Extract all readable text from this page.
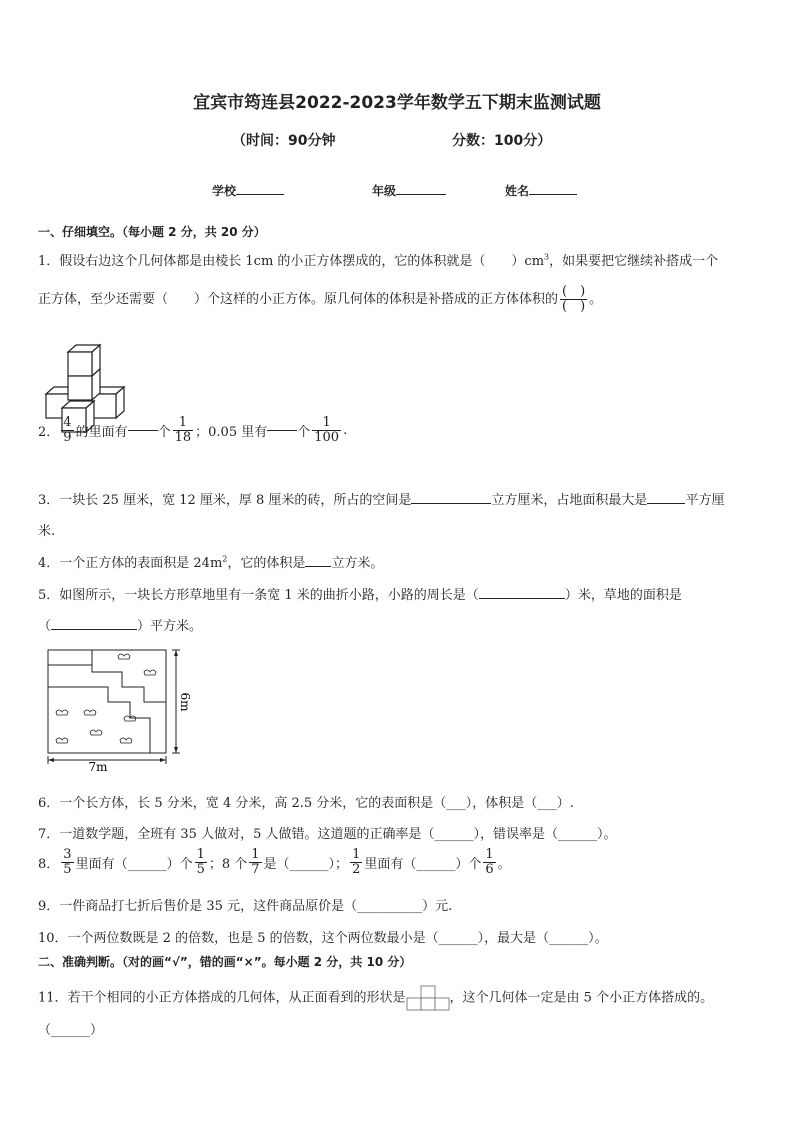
宜宾市筠连县2022-2023学年数学五下期末监测试题
（时间：90分钟	分数：100分）
学校	年级	姓名
一、仔细填空。（每小题 2 分，共 20 分）
1．假设右边这个几何体都是由棱长 1cm 的小正方体摆成的，它的体积就是（　　）$cm^3$，如果要把它继续补搭成一个
正方体，至少还需要（　　）个这样的小正方体。原几何体的体积是补搭成的正方体体积的 $\frac{( )}{( )}$ 。
2． $\frac{4}{9}$ 的里面有 个 $\frac{1}{18}$ ；0.05 里有 个 $\frac{1}{100}$ .
3．一块长 25 厘米，宽 12 厘米，厚 8 厘米的砖，所占的空间是	立方厘米，占地面积最大是	平方厘
米.
4．一个正方体的表面积是 $24m^2$，它的体积是 立方米。
5．如图所示，一块长方形草地里有一条宽 1 米的曲折小路，小路的周长是（	）米，草地的面积是
（	）平方米。
7m
6m
6．一个长方体，长 5 分米，宽 4 分米，高 2.5 分米，它的表面积是（___），体积是（___）.
7．一道数学题，全班有 35 人做对，5 人做错。这道题的正确率是（______），错误率是（______）。
8． $\frac{3}{5}$ 里面有（______）个 $\frac{1}{5}$ ；8 个 $\frac{1}{7}$ 是（______）； $\frac{1}{2}$ 里面有（______）个 $\frac{1}{6}$ 。
9．一件商品打七折后售价是 35 元，这件商品原价是（__________）元.
10．一个两位数既是 2 的倍数，也是 5 的倍数，这个两位数最小是（______），最大是（______）。
二、准确判断。（对的画“√”，错的画“×”。每小题 2 分，共 10 分）
11．若干个相同的小正方体搭成的几何体，从正面看到的形状是	，这个几何体一定是由 5 个小正方体搭成的。
（______）
